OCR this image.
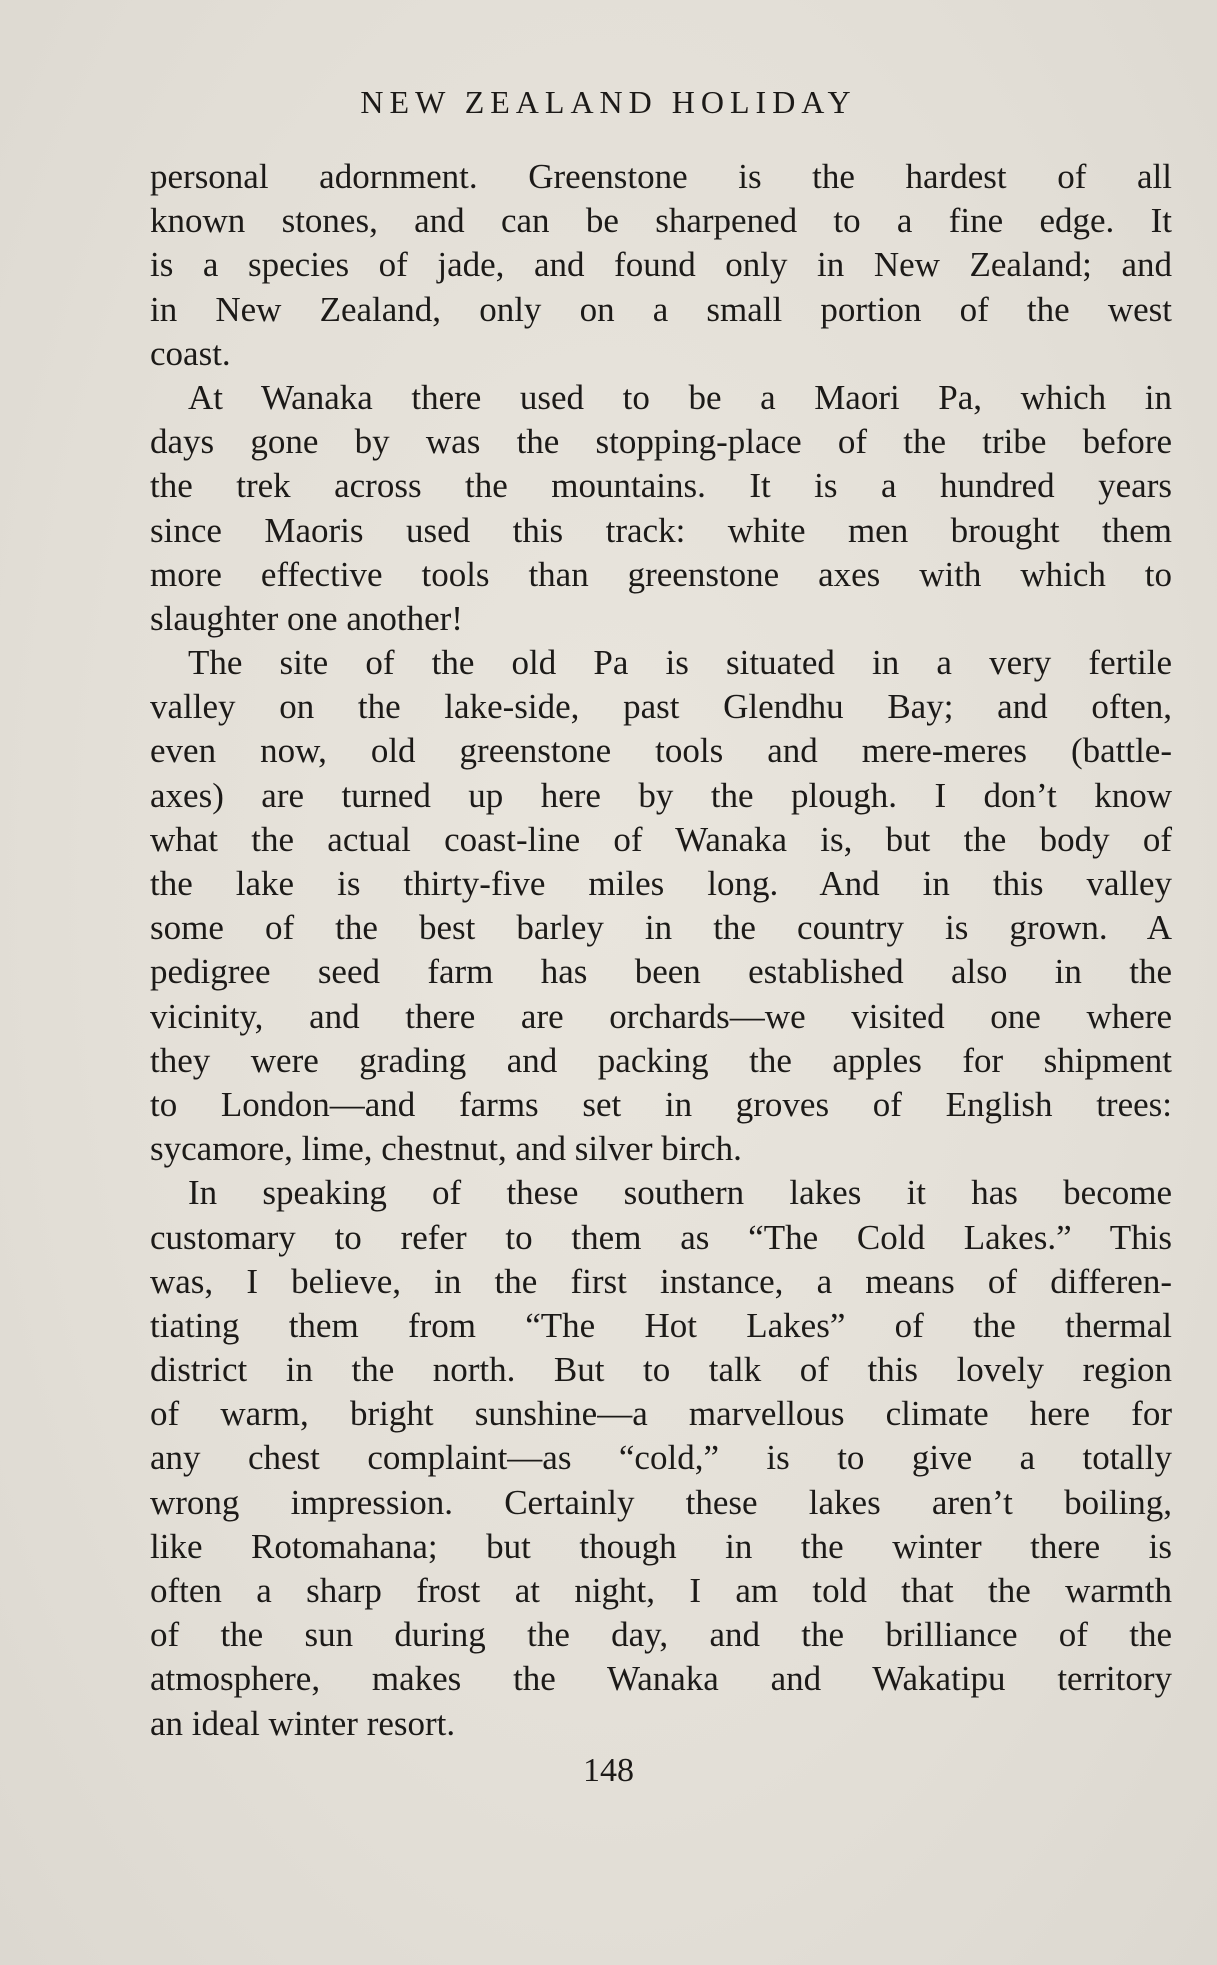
NEW ZEALAND HOLIDAY
personal adornment. Greenstone is the hardest of all
known stones, and can be sharpened to a fine edge. It
is a species of jade, and found only in New Zealand; and
in New Zealand, only on a small portion of the west
coast.
At Wanaka there used to be a Maori Pa, which in
days gone by was the stopping-place of the tribe before
the trek across the mountains. It is a hundred years
since Maoris used this track: white men brought them
more effective tools than greenstone axes with which to
slaughter one another!
The site of the old Pa is situated in a very fertile
valley on the lake-side, past Glendhu Bay; and often,
even now, old greenstone tools and mere-meres (battle-
axes) are turned up here by the plough. I don’t know
what the actual coast-line of Wanaka is, but the body of
the lake is thirty-five miles long. And in this valley
some of the best barley in the country is grown. A
pedigree seed farm has been established also in the
vicinity, and there are orchards—we visited one where
they were grading and packing the apples for shipment
to London—and farms set in groves of English trees:
sycamore, lime, chestnut, and silver birch.
In speaking of these southern lakes it has become
customary to refer to them as “The Cold Lakes.” This
was, I believe, in the first instance, a means of differen-
tiating them from “The Hot Lakes” of the thermal
district in the north. But to talk of this lovely region
of warm, bright sunshine—a marvellous climate here for
any chest complaint—as “cold,” is to give a totally
wrong impression. Certainly these lakes aren’t boiling,
like Rotomahana; but though in the winter there is
often a sharp frost at night, I am told that the warmth
of the sun during the day, and the brilliance of the
atmosphere, makes the Wanaka and Wakatipu territory
an ideal winter resort.
148
